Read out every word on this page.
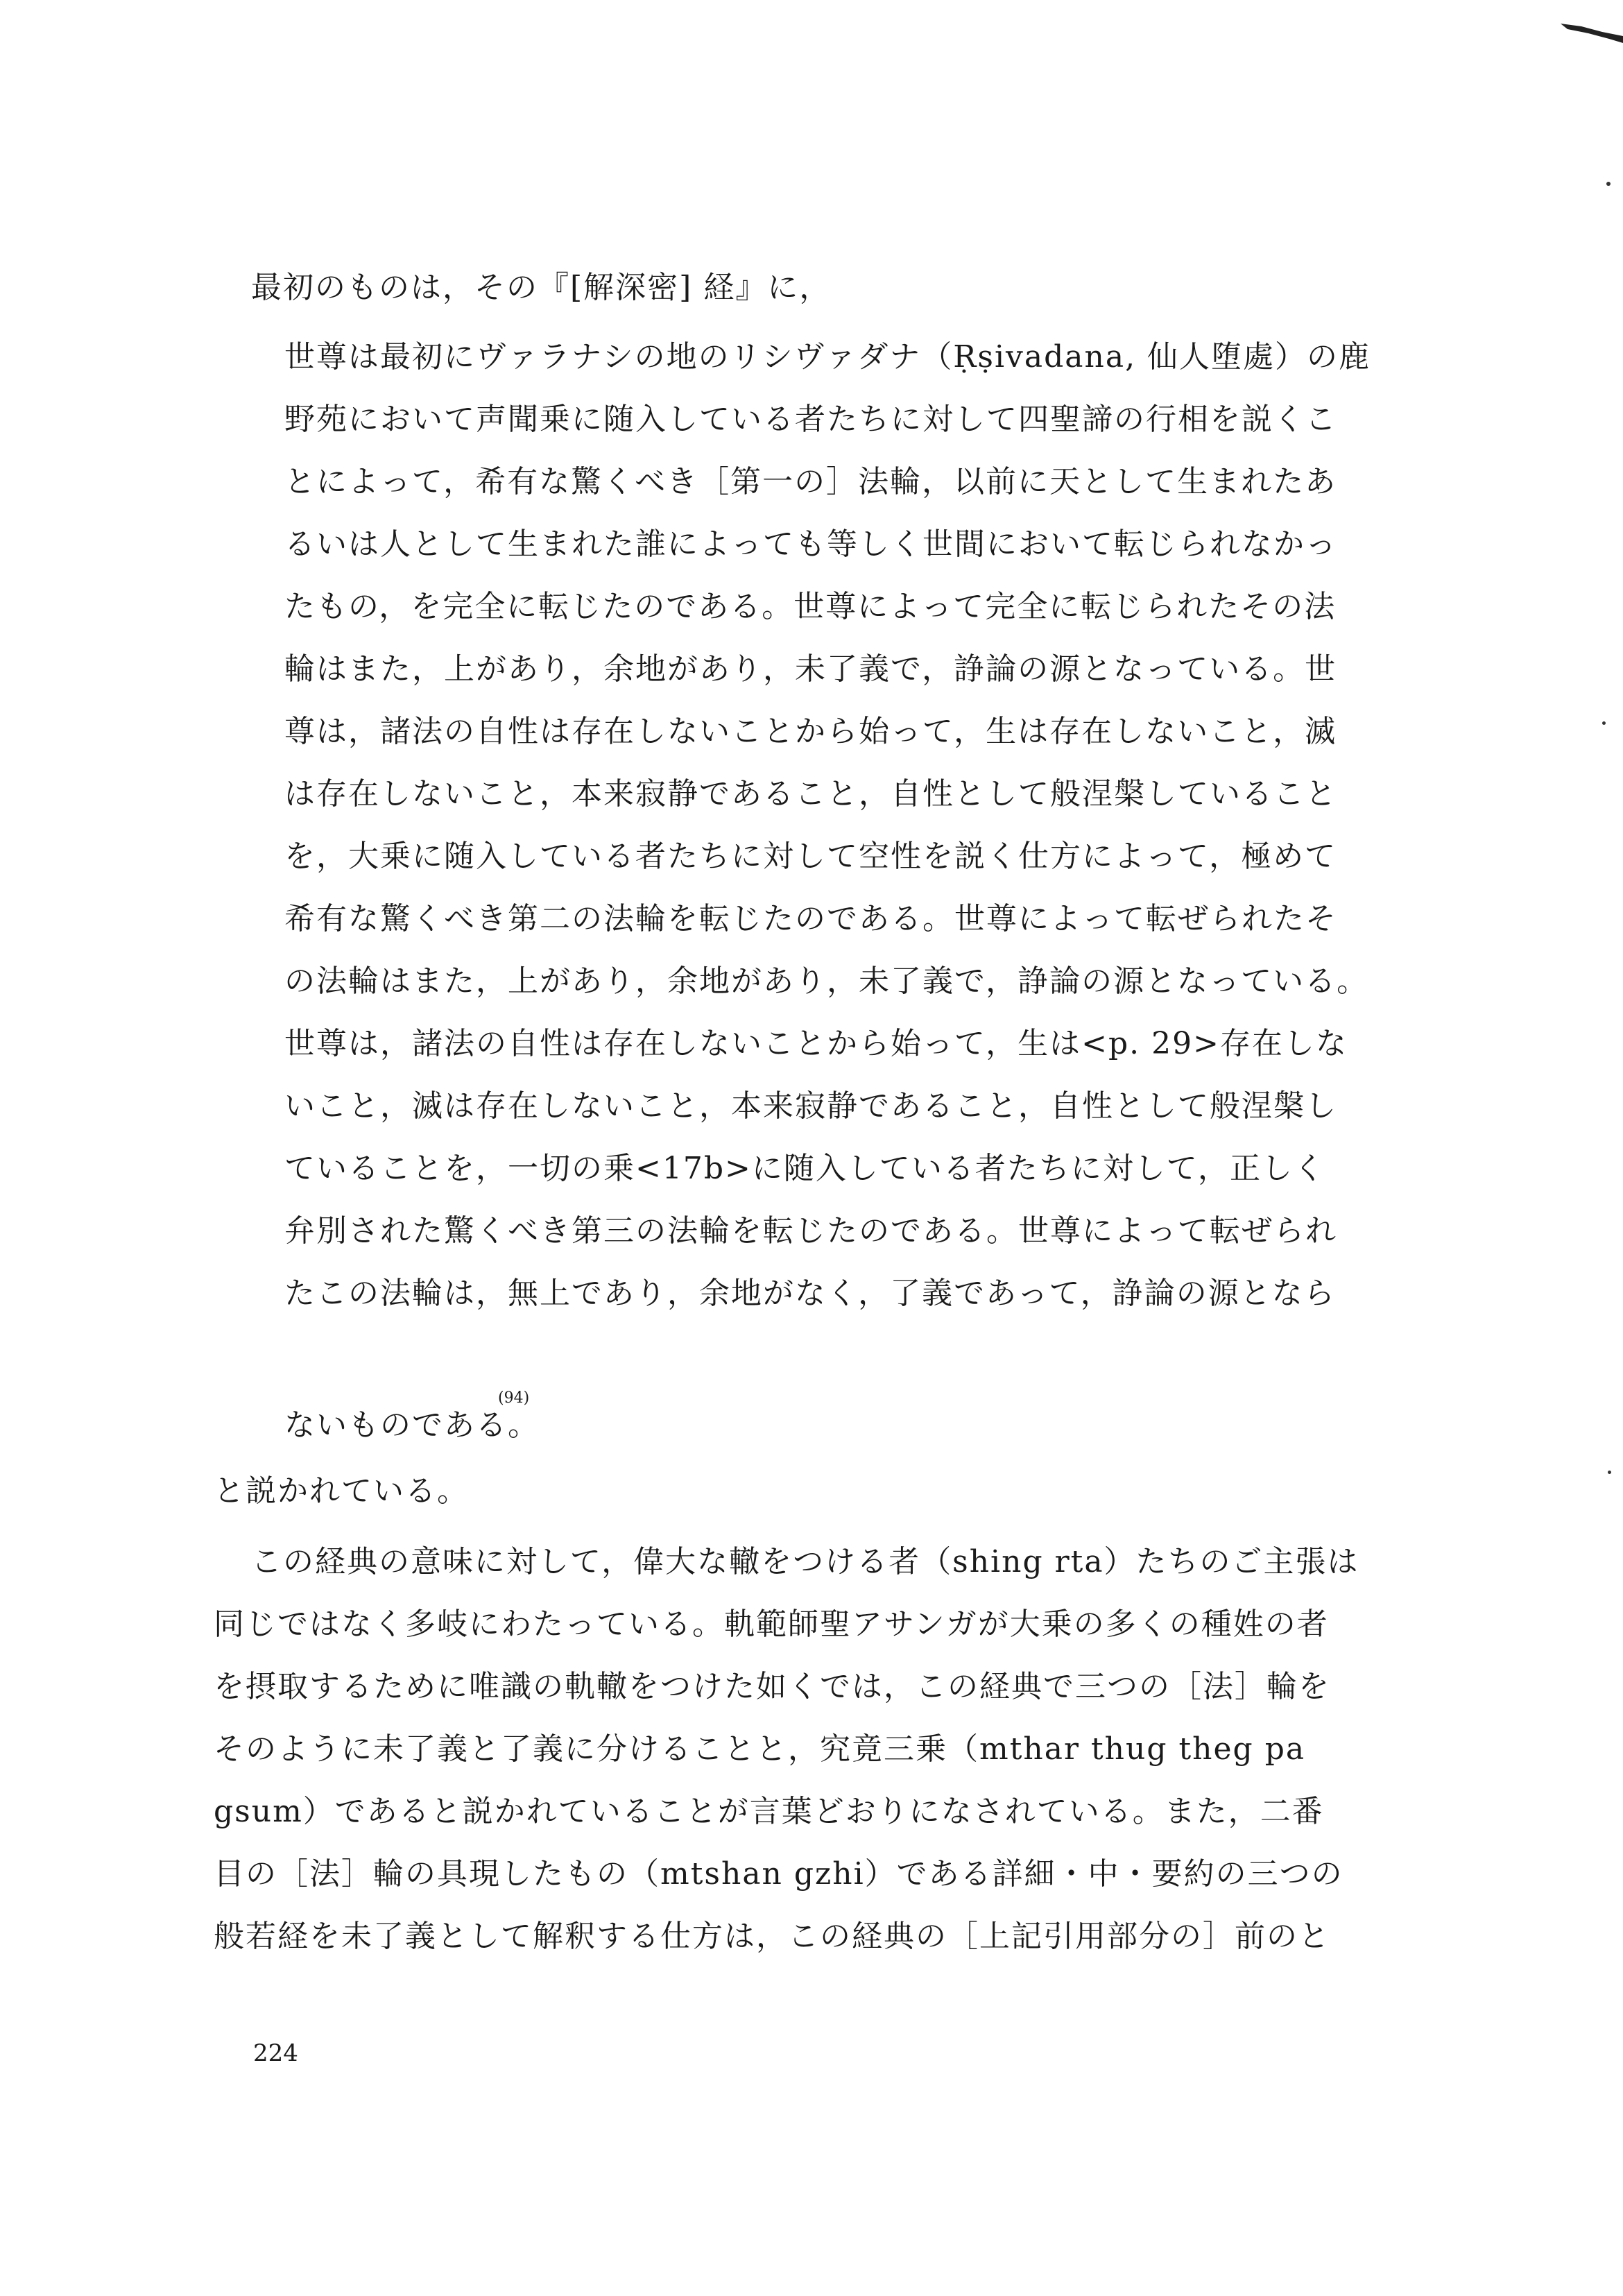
最初のものは，その『[解深密] 経』に，
世尊は最初にヴァラナシの地のリシヴァダナ（Ṛṣivadana, 仙人堕處）の鹿
野苑において声聞乗に随入している者たちに対して四聖諦の行相を説くこ
とによって，希有な驚くべき［第一の］法輪，以前に天として生まれたあ
るいは人として生まれた誰によっても等しく世間において転じられなかっ
たもの，を完全に転じたのである。世尊によって完全に転じられたその法
輪はまた，上があり，余地があり，未了義で，諍論の源となっている。世
尊は，諸法の自性は存在しないことから始って，生は存在しないこと，滅
は存在しないこと，本来寂静であること，自性として般涅槃していること
を，大乗に随入している者たちに対して空性を説く仕方によって，極めて
希有な驚くべき第二の法輪を転じたのである。世尊によって転ぜられたそ
の法輪はまた，上があり，余地があり，未了義で，諍論の源となっている。
世尊は，諸法の自性は存在しないことから始って，生は<p. 29>存在しな
いこと，滅は存在しないこと，本来寂静であること，自性として般涅槃し
ていることを，一切の乗<17b>に随入している者たちに対して，正しく
弁別された驚くべき第三の法輪を転じたのである。世尊によって転ぜられ
たこの法輪は，無上であり，余地がなく，了義であって，諍論の源となら
ないものである。
(94)
と説かれている。
この経典の意味に対して，偉大な轍をつける者（shing rta）たちのご主張は
同じではなく多岐にわたっている。軌範師聖アサンガが大乗の多くの種姓の者
を摂取するために唯識の軌轍をつけた如くでは，この経典で三つの［法］輪を
そのように未了義と了義に分けることと，究竟三乗（mthar thug theg pa
gsum）であると説かれていることが言葉どおりになされている。また，二番
目の［法］輪の具現したもの（mtshan gzhi）である詳細・中・要約の三つの
般若経を未了義として解釈する仕方は，この経典の［上記引用部分の］前のと
224
